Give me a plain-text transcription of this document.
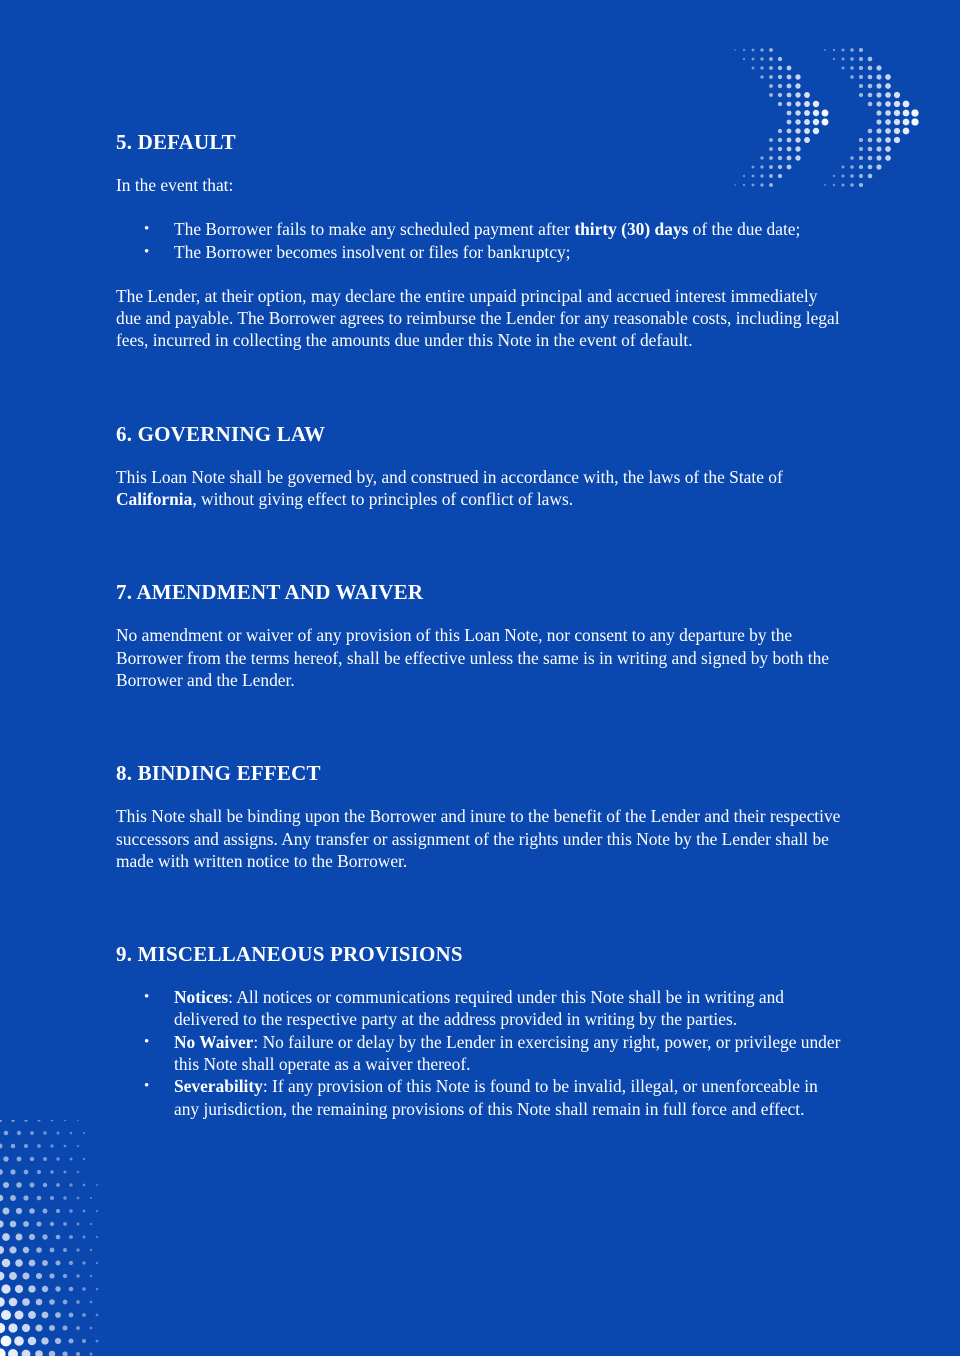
5. DEFAULT

In the event that:

• The Borrower fails to make any scheduled payment after thirty (30) days of the due date;
• The Borrower becomes insolvent or files for bankruptcy;

The Lender, at their option, may declare the entire unpaid principal and accrued interest immediately due and payable. The Borrower agrees to reimburse the Lender for any reasonable costs, including legal fees, incurred in collecting the amounts due under this Note in the event of default.

6. GOVERNING LAW

This Loan Note shall be governed by, and construed in accordance with, the laws of the State of California, without giving effect to principles of conflict of laws.

7. AMENDMENT AND WAIVER

No amendment or waiver of any provision of this Loan Note, nor consent to any departure by the Borrower from the terms hereof, shall be effective unless the same is in writing and signed by both the Borrower and the Lender.

8. BINDING EFFECT

This Note shall be binding upon the Borrower and inure to the benefit of the Lender and their respective successors and assigns. Any transfer or assignment of the rights under this Note by the Lender shall be made with written notice to the Borrower.

9. MISCELLANEOUS PROVISIONS
• Notices: All notices or communications required under this Note shall be in writing and delivered to the respective party at the address provided in writing by the parties.
• No Waiver: No failure or delay by the Lender in exercising any right, power, or privilege under this Note shall operate as a waiver thereof.
• Severability: If any provision of this Note is found to be invalid, illegal, or unenforceable in any jurisdiction, the remaining provisions of this Note shall remain in full force and effect.
